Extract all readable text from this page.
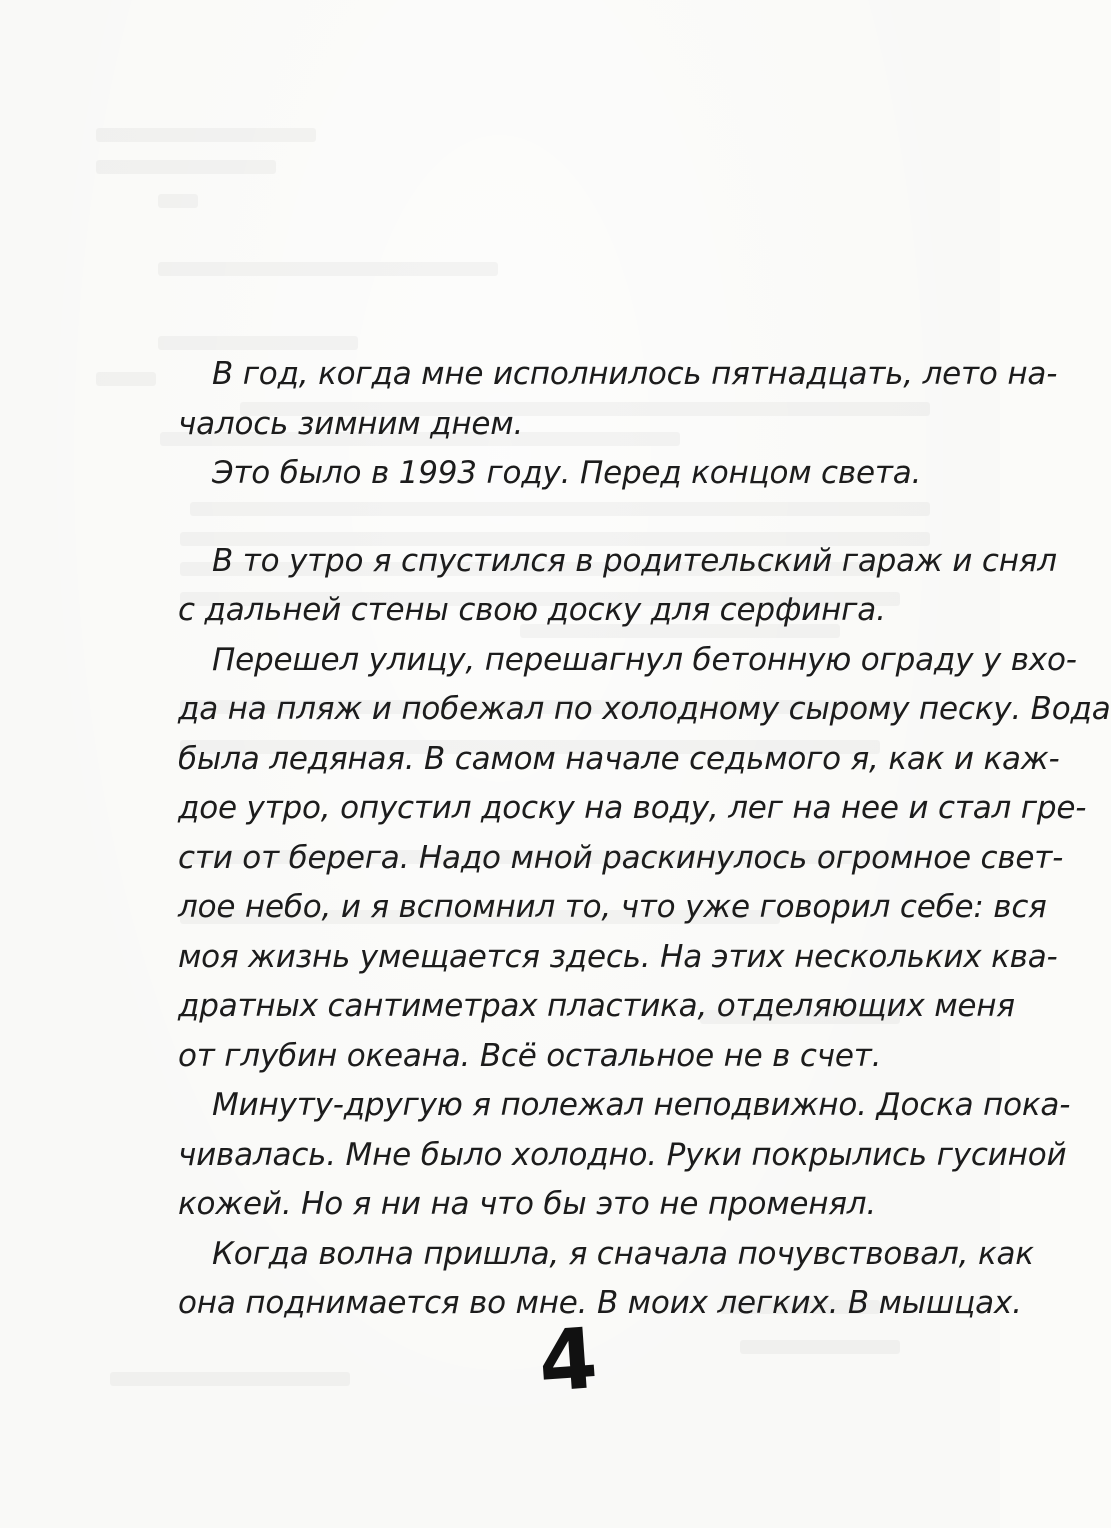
В год, когда мне исполнилось пятнадцать, лето на-
чалось зимним днем.
Это было в 1993 году. Перед концом света.
В то утро я спустился в родительский гараж и снял
с дальней стены свою доску для серфинга.
Перешел улицу, перешагнул бетонную ограду у вхо-
да на пляж и побежал по холодному сырому песку. Вода
была ледяная. В самом начале седьмого я, как и каж-
дое утро, опустил доску на воду, лег на нее и стал гре-
сти от берега. Надо мной раскинулось огромное свет-
лое небо, и я вспомнил то, что уже говорил себе: вся
моя жизнь умещается здесь. На этих нескольких ква-
дратных сантиметрах пластика, отделяющих меня
от глубин океана. Всё остальное не в счет.
Минуту-другую я полежал неподвижно. Доска пока-
чивалась. Мне было холодно. Руки покрылись гусиной
кожей. Но я ни на что бы это не променял.
Когда волна пришла, я сначала почувствовал, как
она поднимается во мне. В моих легких. В мышцах.
4
